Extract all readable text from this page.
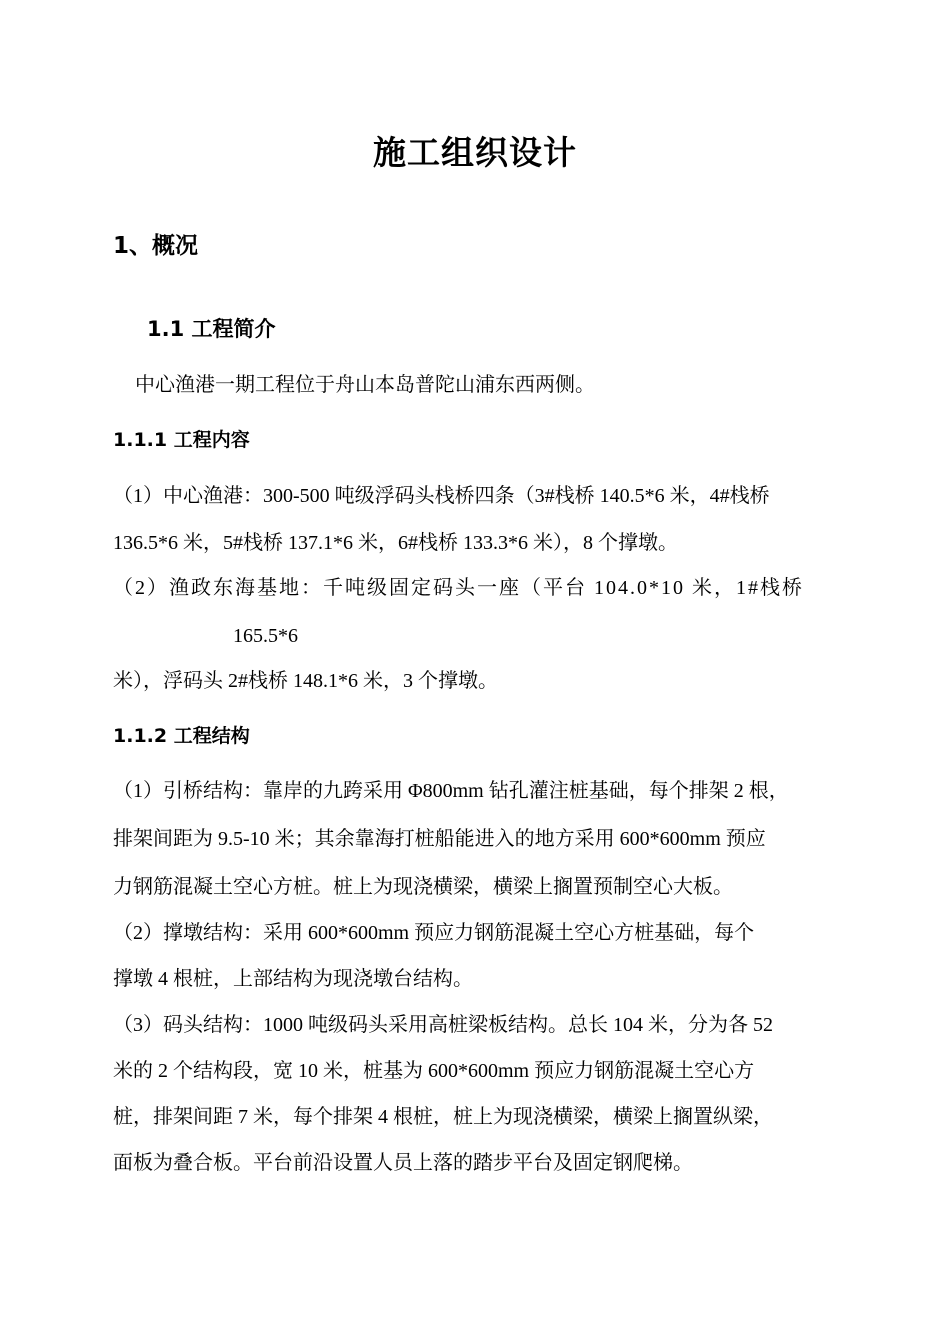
施工组织设计
1、概况
1.1 工程简介
中心渔港一期工程位于舟山本岛普陀山浦东西两侧。
1.1.1 工程内容
（1）中心渔港：300-500 吨级浮码头栈桥四条（3#栈桥 140.5*6 米，4#栈桥
136.5*6 米，5#栈桥 137.1*6 米，6#栈桥 133.3*6 米），8 个撑墩。
（2）渔政东海基地：千吨级固定码头一座（平台 104.0*10 米，1#栈桥
165.5*6
米），浮码头 2#栈桥 148.1*6 米，3 个撑墩。
1.1.2 工程结构
（1）引桥结构：靠岸的九跨采用 Φ800mm 钻孔灌注桩基础，每个排架 2 根，
排架间距为 9.5-10 米；其余靠海打桩船能进入的地方采用 600*600mm 预应
力钢筋混凝土空心方桩。桩上为现浇横梁，横梁上搁置预制空心大板。
（2）撑墩结构：采用 600*600mm 预应力钢筋混凝土空心方桩基础，每个
撑墩 4 根桩，上部结构为现浇墩台结构。
（3）码头结构：1000 吨级码头采用高桩梁板结构。总长 104 米，分为各 52
米的 2 个结构段，宽 10 米，桩基为 600*600mm 预应力钢筋混凝土空心方
桩，排架间距 7 米，每个排架 4 根桩，桩上为现浇横梁，横梁上搁置纵梁，
面板为叠合板。平台前沿设置人员上落的踏步平台及固定钢爬梯。
